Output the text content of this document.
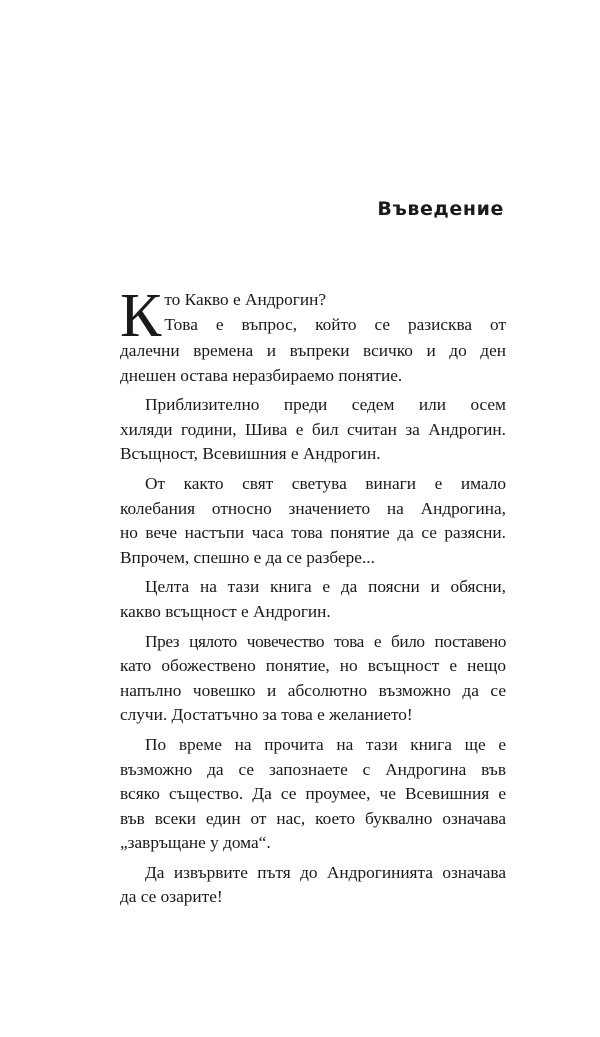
Въведение
К то Какво е Андрогин?
Това е въпрос, който се разисква от
далечни времена и въпреки всичко и до ден
днешен остава неразбираемо понятие.
Приблизително преди седем или осем
хиляди години, Шива е бил считан за Андрогин.
Всъщност, Всевишния е Андрогин.
От както свят светува винаги е имало
колебания относно значението на Андрогина,
но вече настъпи часа това понятие да се разясни.
Впрочем, спешно е да се разбере...
Целта на тази книга е да поясни и обясни,
какво всъщност е Андрогин.
През цялото човечество това е било поставено
като обожествено понятие, но всъщност е нещо
напълно човешко и абсолютно възможно да се
случи. Достатъчно за това е желанието!
По време на прочита на тази книга ще е
възможно да се запознаете с Андрогина във
всяко същество. Да се проумее, че Всевишния е
във всеки един от нас, което буквално означава
„завръщане у дома“.
Да извървите пътя до Андрогинията означава
да се озарите!
